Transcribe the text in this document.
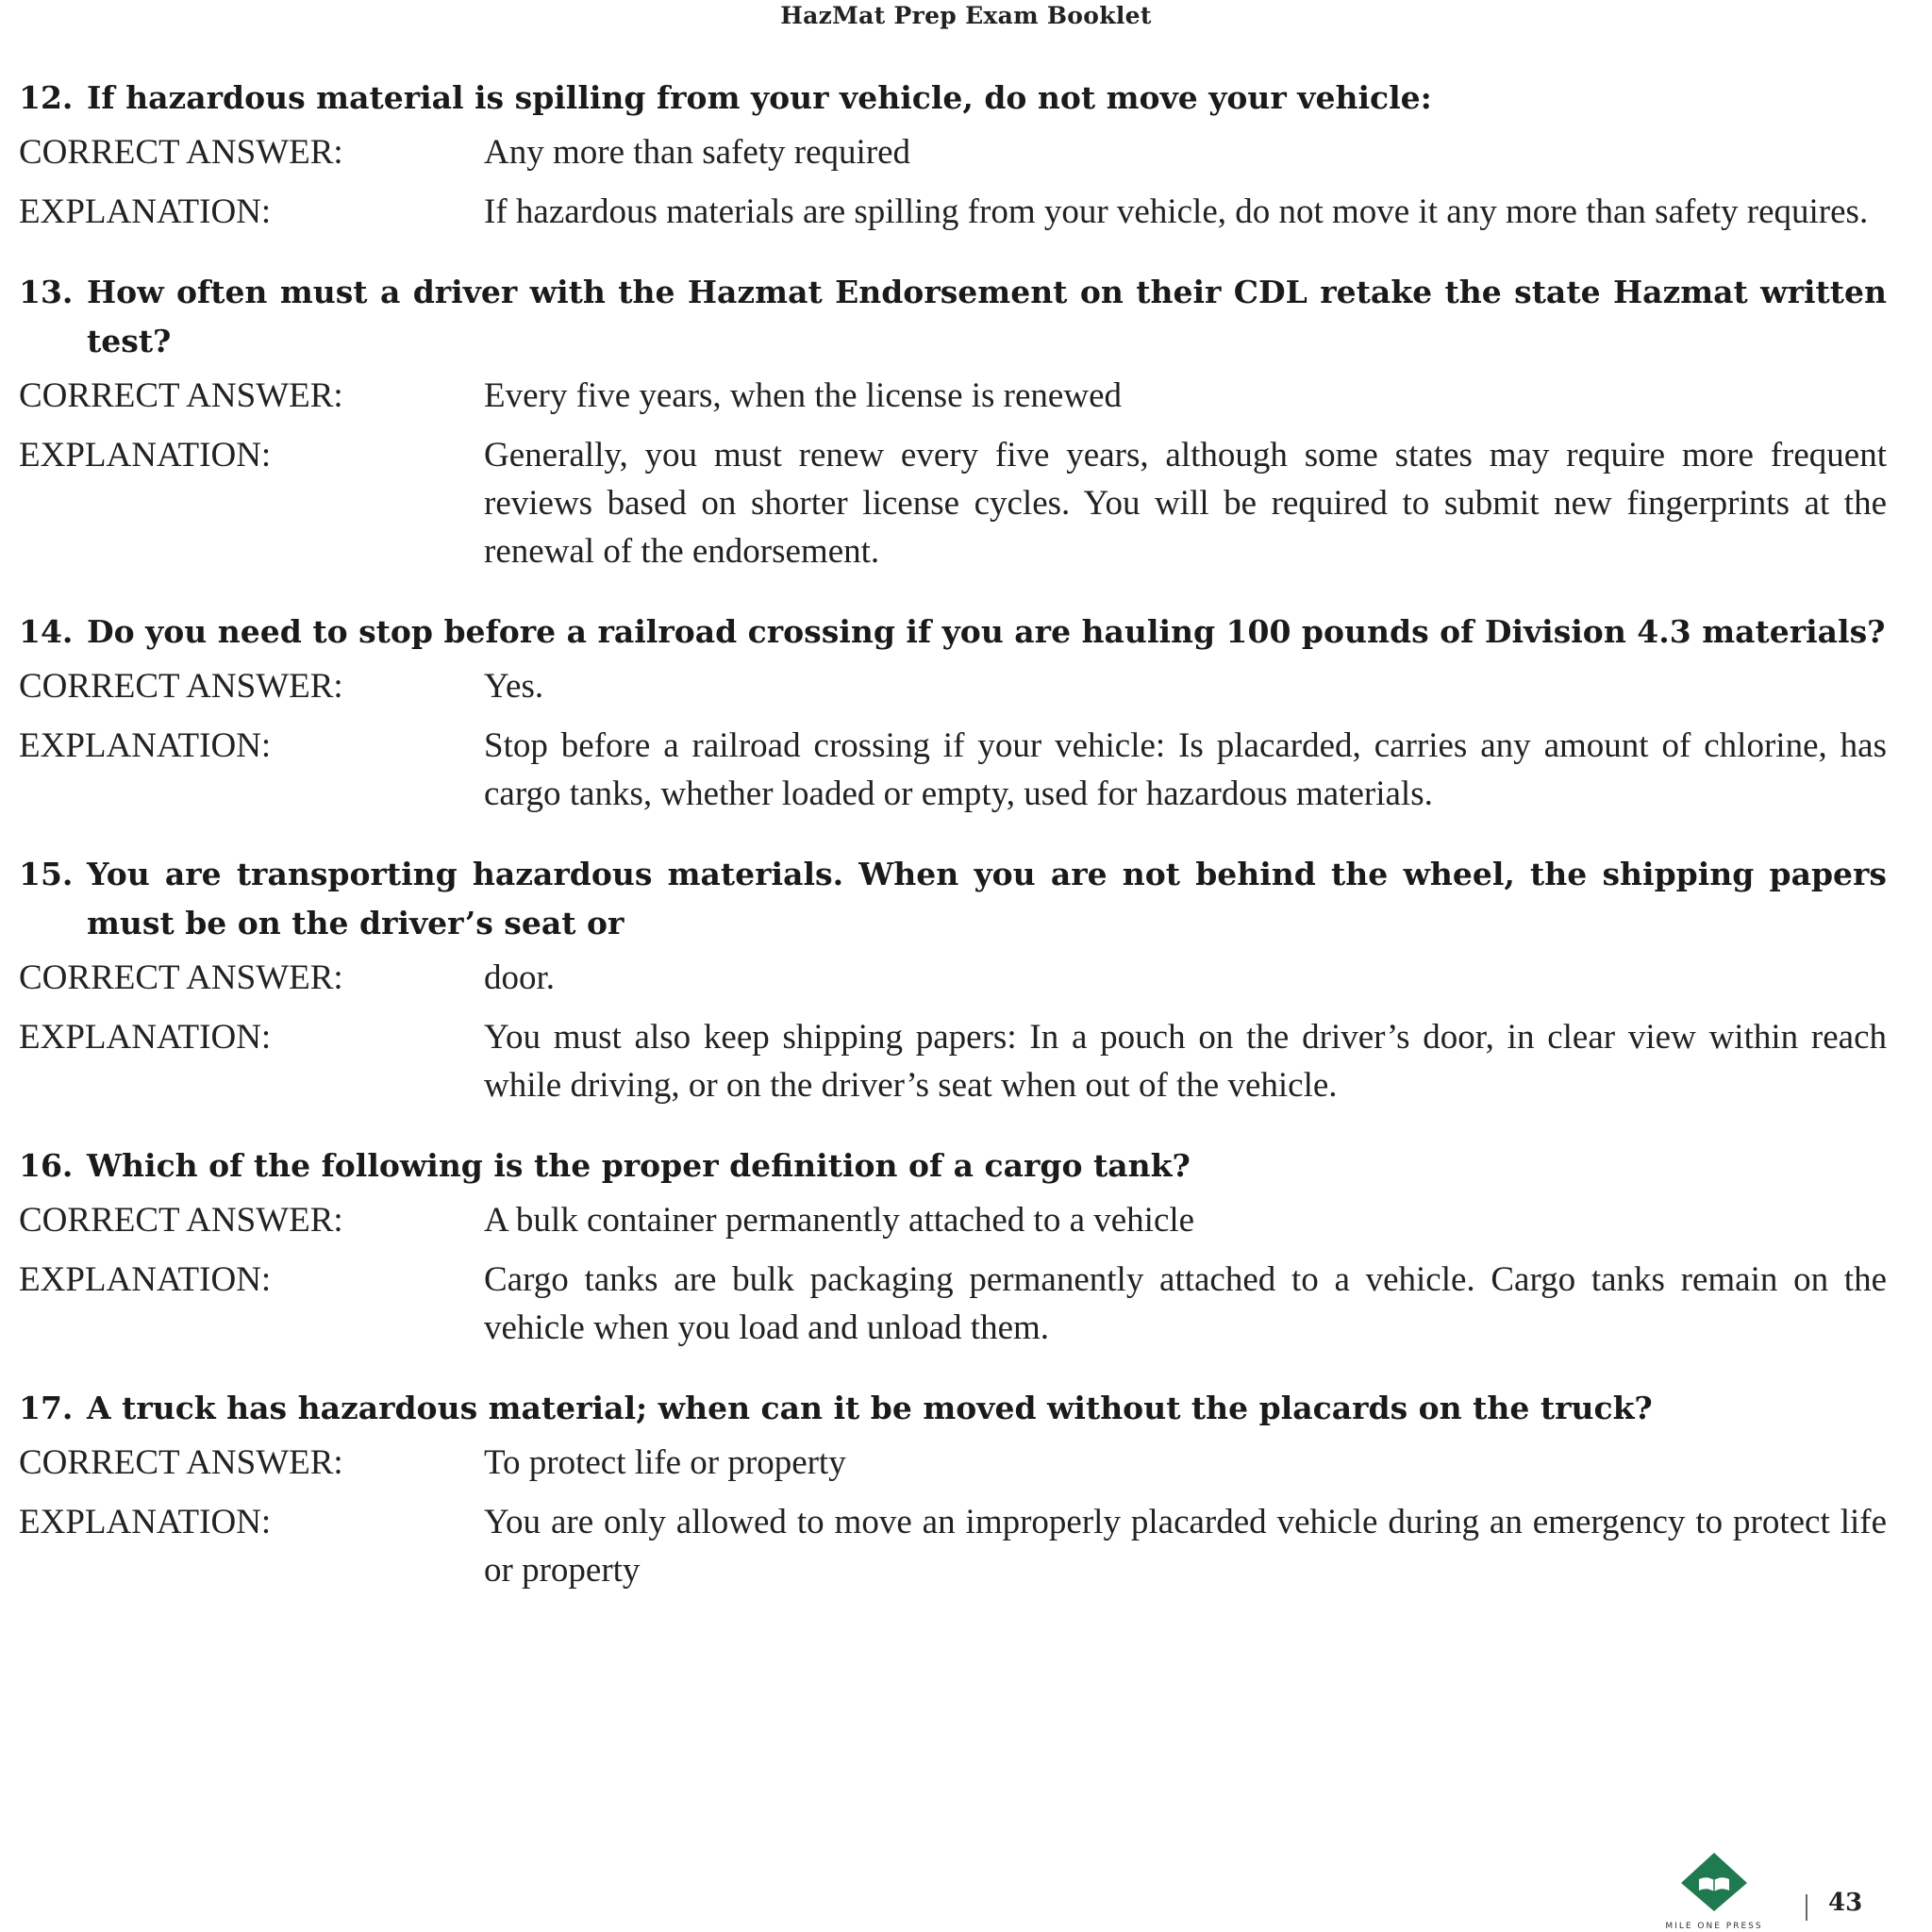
HazMat Prep Exam Booklet
12. If hazardous material is spilling from your vehicle, do not move your vehicle:
CORRECT ANSWER:	Any more than safety required
EXPLANATION:	If hazardous materials are spilling from your vehicle, do not move it any more than safety requires.
13. How often must a driver with the Hazmat Endorsement on their CDL retake the state Hazmat written test?
CORRECT ANSWER:	Every five years, when the license is renewed
EXPLANATION:	Generally, you must renew every five years, although some states may require more frequent reviews based on shorter license cycles. You will be required to submit new fingerprints at the renewal of the endorsement.
14. Do you need to stop before a railroad crossing if you are hauling 100 pounds of Division 4.3 materials?
CORRECT ANSWER:	Yes.
EXPLANATION:	Stop before a railroad crossing if your vehicle: Is placarded, carries any amount of chlorine, has cargo tanks, whether loaded or empty, used for hazardous materials.
15. You are transporting hazardous materials. When you are not behind the wheel, the shipping papers must be on the driver’s seat or
CORRECT ANSWER:	door.
EXPLANATION:	You must also keep shipping papers: In a pouch on the driver’s door, in clear view within reach while driving, or on the driver’s seat when out of the vehicle.
16. Which of the following is the proper definition of a cargo tank?
CORRECT ANSWER:	A bulk container permanently attached to a vehicle
EXPLANATION:	Cargo tanks are bulk packaging permanently attached to a vehicle. Cargo tanks remain on the vehicle when you load and unload them.
17. A truck has hazardous material; when can it be moved without the placards on the truck?
CORRECT ANSWER:	To protect life or property
EXPLANATION:	You are only allowed to move an improperly placarded vehicle during an emergency to protect life or property
MILE ONE PRESS
43
